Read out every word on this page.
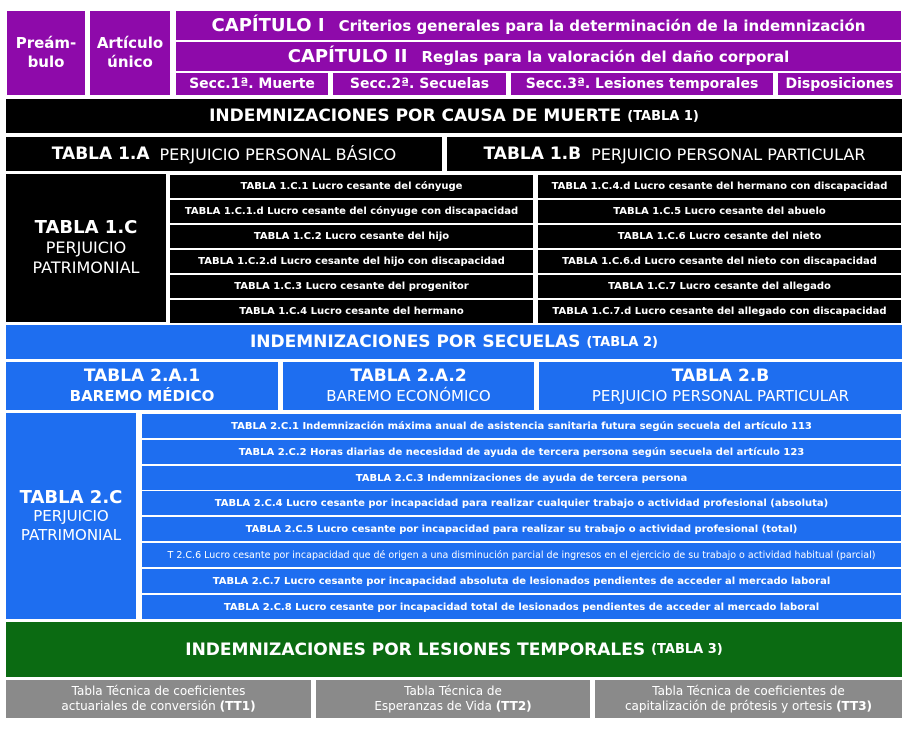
Preám-
bulo
Artículo
único
CAPÍTULO I Criterios generales para la determinación de la indemnización
CAPÍTULO II Reglas para la valoración del daño corporal
Secc.1ª. Muerte Secc.2ª. Secuelas	Secc.3ª. Lesiones temporales Disposiciones
INDEMNIZACIONES POR CAUSA DE MUERTE (TABLA 1)
TABLA 1.A PERJUICIO PERSONAL BÁSICO	TABLA 1.B PERJUICIO PERSONAL PARTICULAR
TABLA 1.C
PERJUICIO
PATRIMONIAL
TABLA 1.C.1 Lucro cesante del cónyuge
TABLA 1.C.1.d Lucro cesante del cónyuge con discapacidad
TABLA 1.C.2 Lucro cesante del hijo
TABLA 1.C.2.d Lucro cesante del hijo con discapacidad
TABLA 1.C.3 Lucro cesante del progenitor
TABLA 1.C.4 Lucro cesante del hermano
TABLA 1.C.4.d Lucro cesante del hermano con discapacidad
TABLA 1.C.5 Lucro cesante del abuelo
TABLA 1.C.6 Lucro cesante del nieto
TABLA 1.C.6.d Lucro cesante del nieto con discapacidad
TABLA 1.C.7 Lucro cesante del allegado
TABLA 1.C.7.d Lucro cesante del allegado con discapacidad
INDEMNIZACIONES POR SECUELAS (TABLA 2)
TABLA 2.A.1
BAREMO MÉDICO
TABLA 2.A.2
BAREMO ECONÓMICO
TABLA 2.B
PERJUICIO PERSONAL PARTICULAR
TABLA 2.C
PERJUICIO
PATRIMONIAL
TABLA 2.C.1 Indemnización máxima anual de asistencia sanitaria futura según secuela del artículo 113
TABLA 2.C.2 Horas diarias de necesidad de ayuda de tercera persona según secuela del artículo 123
TABLA 2.C.3 Indemnizaciones de ayuda de tercera persona
TABLA 2.C.4 Lucro cesante por incapacidad para realizar cualquier trabajo o actividad profesional (absoluta)
TABLA 2.C.5 Lucro cesante por incapacidad para realizar su trabajo o actividad profesional (total)
T 2.C.6 Lucro cesante por incapacidad que dé origen a una disminución parcial de ingresos en el ejercicio de su trabajo o actividad habitual (parcial)
TABLA 2.C.7 Lucro cesante por incapacidad absoluta de lesionados pendientes de acceder al mercado laboral
TABLA 2.C.8 Lucro cesante por incapacidad total de lesionados pendientes de acceder al mercado laboral
INDEMNIZACIONES POR LESIONES TEMPORALES (TABLA 3)
Tabla Técnica de coeficientes
actuariales de conversión (TT1)
Tabla Técnica de
Esperanzas de Vida (TT2)
Tabla Técnica de coeficientes de
capitalización de prótesis y ortesis (TT3)
